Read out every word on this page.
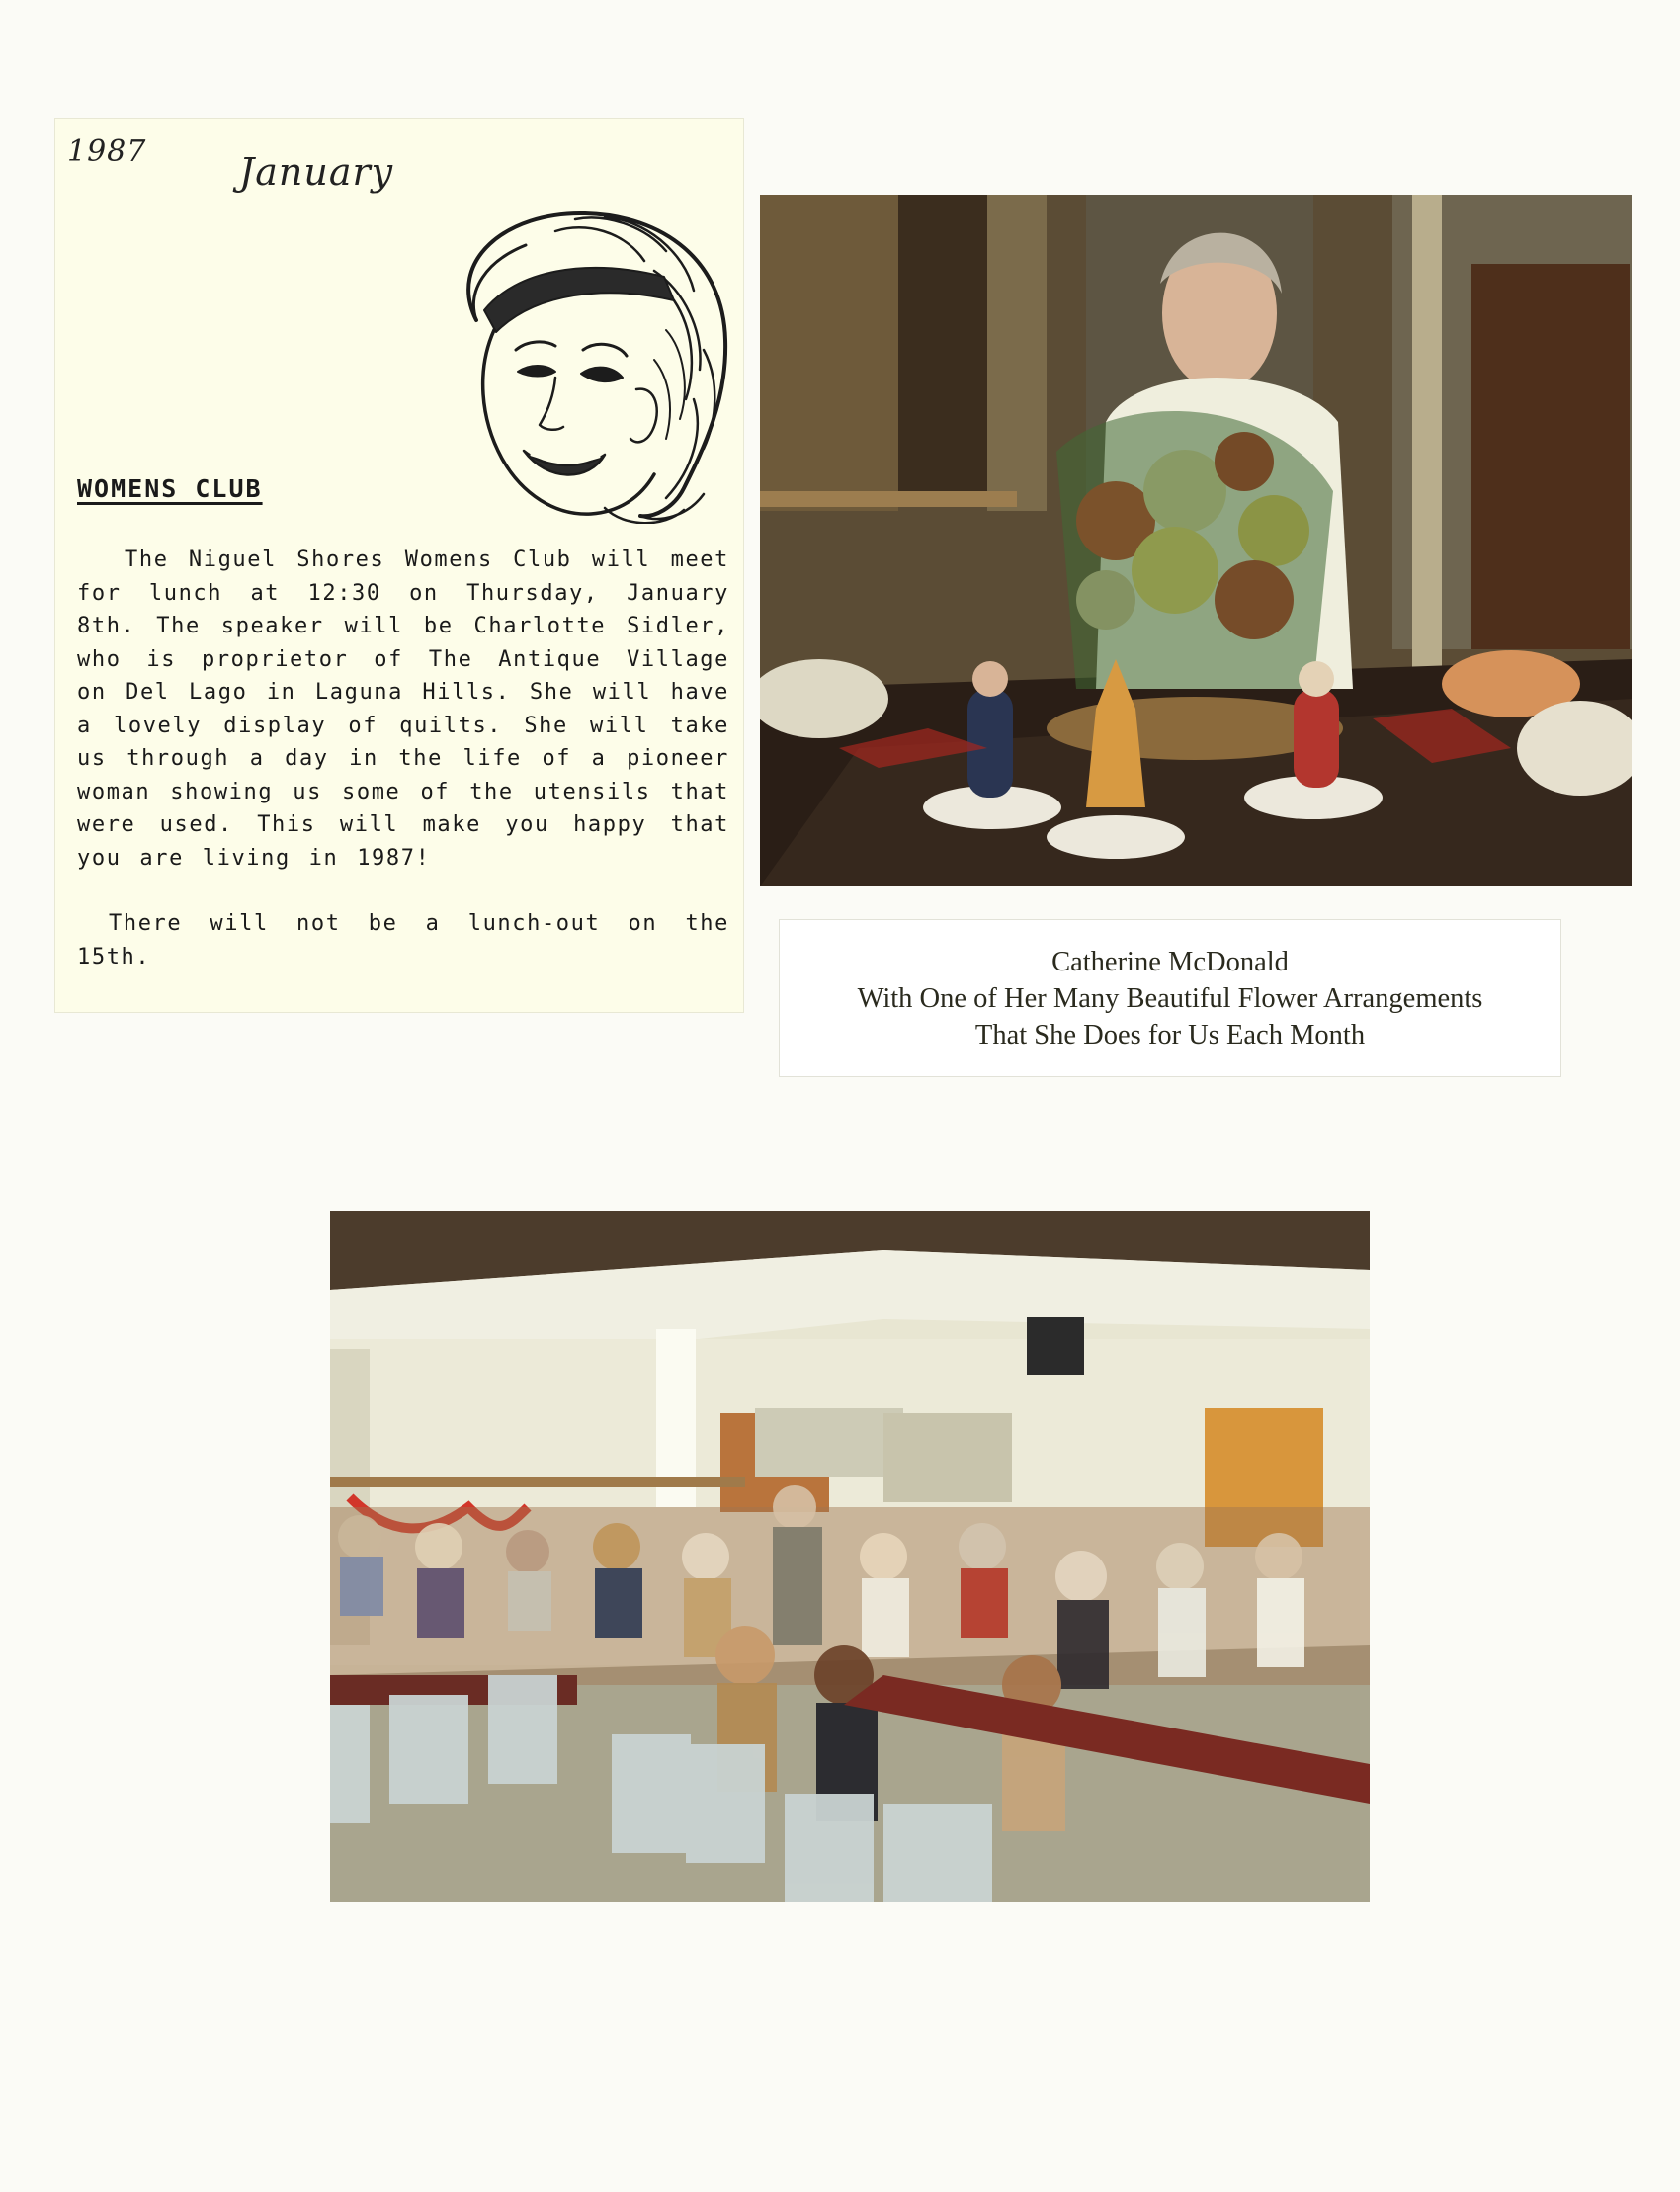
1987 January
WOMENS CLUB

The Niguel Shores Womens Club will meet for lunch at 12:30 on Thursday, January 8th. The speaker will be Charlotte Sidler, who is proprietor of The Antique Village on Del Lago in Laguna Hills. She will have a lovely display of quilts. She will take us through a day in the life of a pioneer woman showing us some of the utensils that were used. This will make you happy that you are living in 1987!

There will not be a lunch-out on the 15th.	Catherine McDonald
With One of Her Many Beautiful Flower Arrangements
That She Does for Us Each Month
